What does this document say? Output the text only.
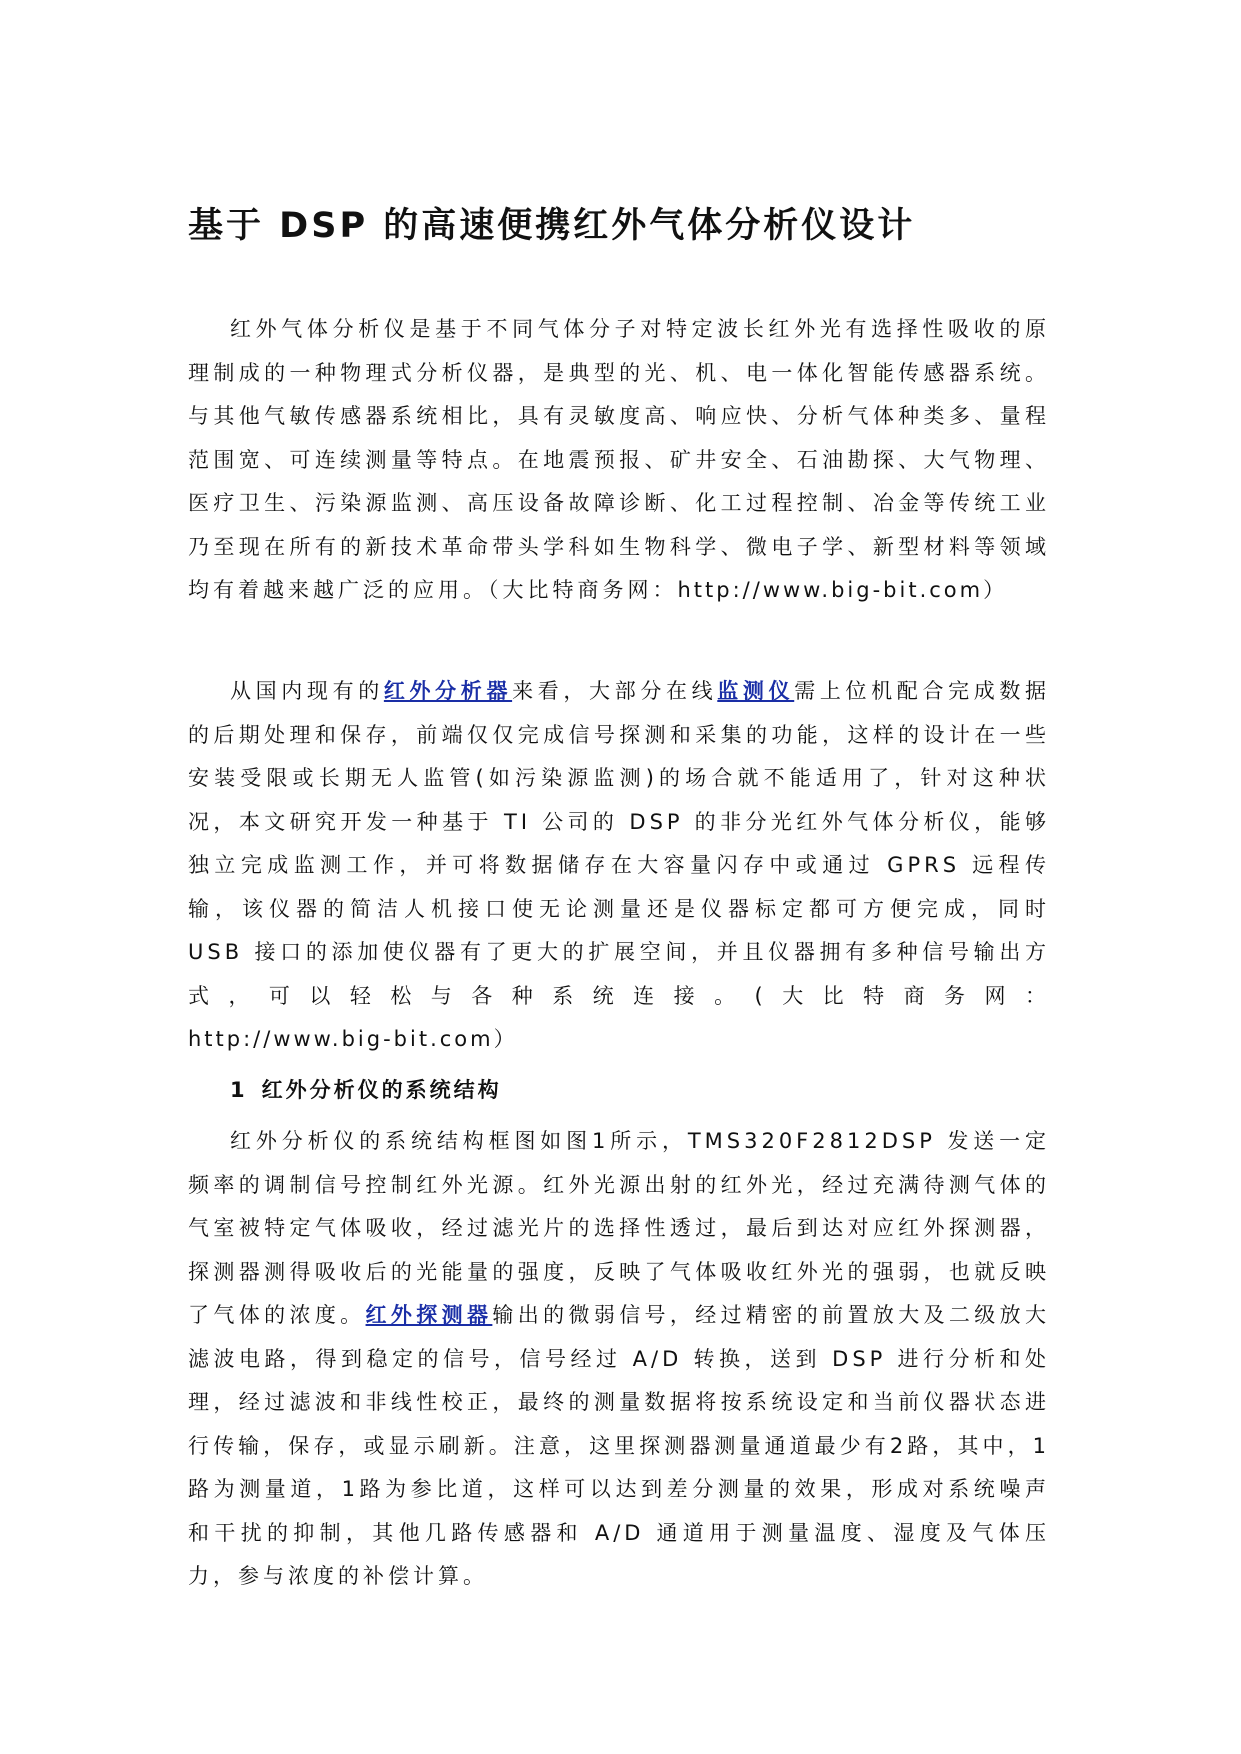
基于 DSP 的高速便携红外气体分析仪设计

红外气体分析仪是基于不同气体分子对特定波长红外光有选择性吸收的原理制成的一种物理式分析仪器，是典型的光、机、电一体化智能传感器系统。与其他气敏传感器系统相比，具有灵敏度高、响应快、分析气体种类多、量程范围宽、可连续测量等特点。在地震预报、矿井安全、石油勘探、大气物理、医疗卫生、污染源监测、高压设备故障诊断、化工过程控制、冶金等传统工业乃至现在所有的新技术革命带头学科如生物科学、微电子学、新型材料等领域均有着越来越广泛的应用。（大比特商务网：http://www.big-bit.com）

从国内现有的红外分析器来看，大部分在线监测仪需上位机配合完成数据的后期处理和保存，前端仅仅完成信号探测和采集的功能，这样的设计在一些安装受限或长期无人监管(如污染源监测)的场合就不能适用了，针对这种状况，本文研究开发一种基于 TI 公司的 DSP 的非分光红外气体分析仪，能够独立完成监测工作，并可将数据储存在大容量闪存中或通过 GPRS 远程传输，该仪器的简洁人机接口使无论测量还是仪器标定都可方便完成，同时 USB 接口的添加使仪器有了更大的扩展空间，并且仪器拥有多种信号输出方式，可以轻松与各种系统连接。(大比特商务网：http://www.big-bit.com）

1 红外分析仪的系统结构

红外分析仪的系统结构框图如图1所示，TMS320F2812DSP 发送一定频率的调制信号控制红外光源。红外光源出射的红外光，经过充满待测气体的气室被特定气体吸收，经过滤光片的选择性透过，最后到达对应红外探测器，探测器测得吸收后的光能量的强度，反映了气体吸收红外光的强弱，也就反映了气体的浓度。红外探测器输出的微弱信号，经过精密的前置放大及二级放大滤波电路，得到稳定的信号，信号经过 A/D 转换，送到 DSP 进行分析和处理，经过滤波和非线性校正，最终的测量数据将按系统设定和当前仪器状态进行传输，保存，或显示刷新。注意，这里探测器测量通道最少有2路，其中，1路为测量道，1路为参比道，这样可以达到差分测量的效果，形成对系统噪声和干扰的抑制，其他几路传感器和 A/D 通道用于测量温度、湿度及气体压力，参与浓度的补偿计算。
